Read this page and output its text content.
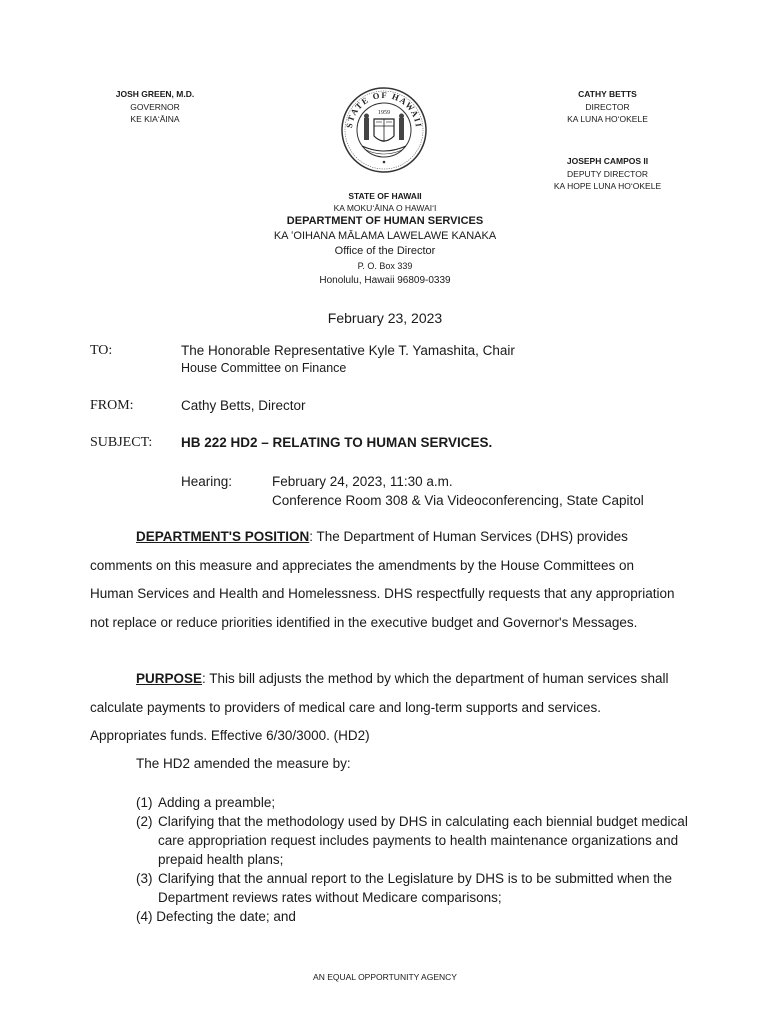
JOSH GREEN, M.D.
GOVERNOR
KE KIAʻĀINA
STATE OF HAWAII
1959
CATHY BETTS
DIRECTOR
KA LUNA HOʻOKELE
JOSEPH CAMPOS II
DEPUTY DIRECTOR
KA HOPE LUNA HOʻOKELE
STATE OF HAWAII
KA MOKUʻĀINA O HAWAIʻI
DEPARTMENT OF HUMAN SERVICES
KA ʻOIHANA MĀLAMA LAWELAWE KANAKA
Office of the Director
P. O. Box 339
Honolulu, Hawaii 96809-0339
February 23, 2023
TO:	The Honorable Representative Kyle T. Yamashita, Chair
House Committee on Finance
FROM:	Cathy Betts, Director
SUBJECT: HB 222 HD2 – RELATING TO HUMAN SERVICES.
Hearing:	February 24, 2023, 11:30 a.m.
Conference Room 308 & Via Videoconferencing, State Capitol
DEPARTMENT'S POSITION: The Department of Human Services (DHS) provides comments on this measure and appreciates the amendments by the House Committees on Human Services and Health and Homelessness. DHS respectfully requests that any appropriation not replace or reduce priorities identified in the executive budget and Governor's Messages.
PURPOSE: This bill adjusts the method by which the department of human services shall calculate payments to providers of medical care and long-term supports and services. Appropriates funds. Effective 6/30/3000. (HD2)
The HD2 amended the measure by:
(1) Adding a preamble;
(2) Clarifying that the methodology used by DHS in calculating each biennial budget medical care appropriation request includes payments to health maintenance organizations and prepaid health plans;
(3) Clarifying that the annual report to the Legislature by DHS is to be submitted when the Department reviews rates without Medicare comparisons;
(4) Defecting the date; and
AN EQUAL OPPORTUNITY AGENCY
